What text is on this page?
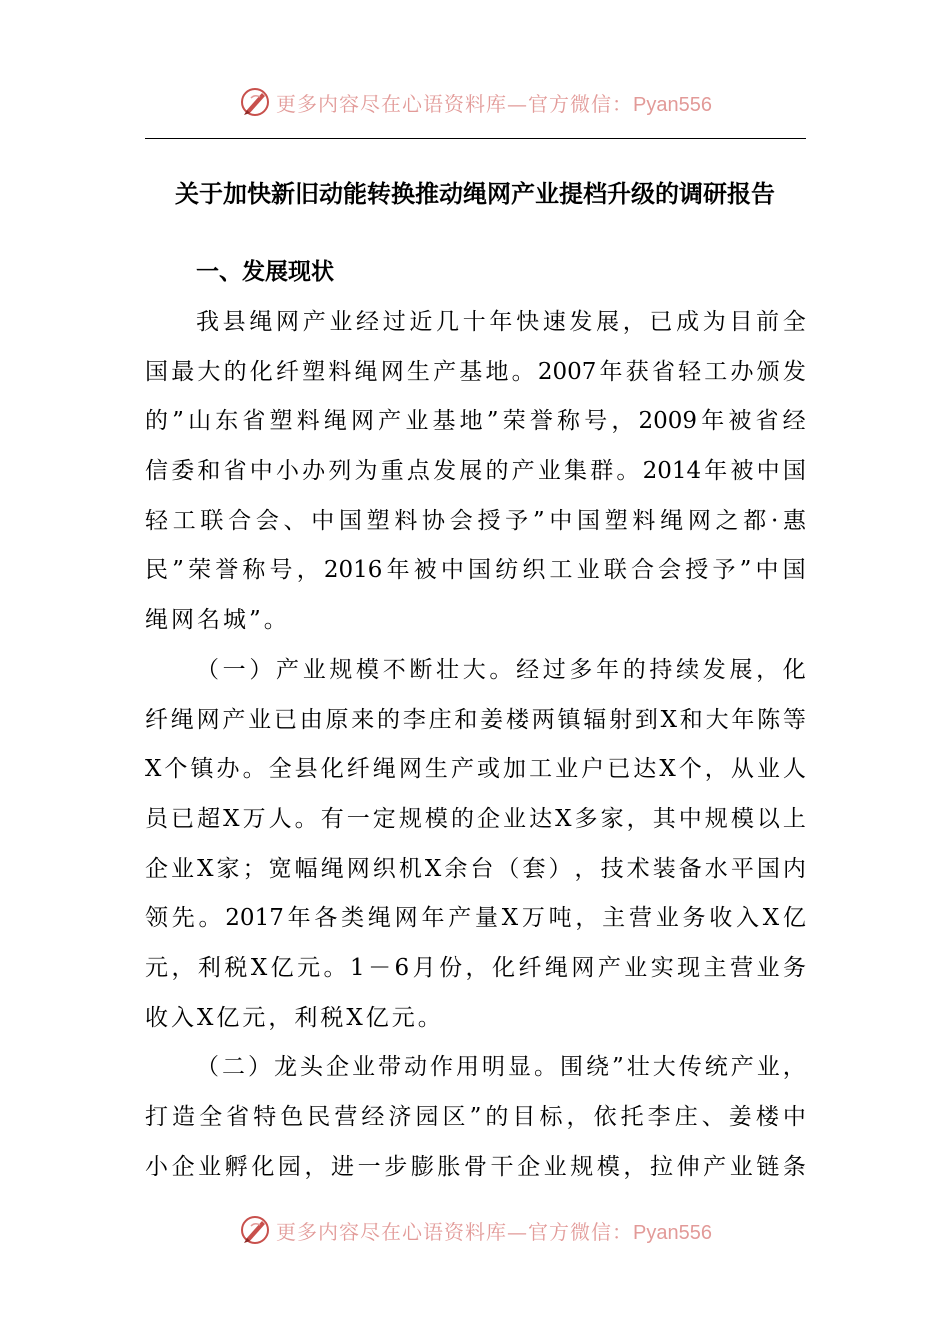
更多内容尽在心语资料库—官方微信：Pyan556
关于加快新旧动能转换推动绳网产业提档升级的调研报告
一、发展现状
我 县 绳 网 产 业 经 过 近 几 十 年 快 速 发 展 ， 已 成 为 目 前 全
国 最 大 的 化 纤 塑 料 绳 网 生 产 基 地 。 2007 年 获 省 轻 工 办 颁 发
的 ” 山 东 省 塑 料 绳 网 产 业 基 地 ” 荣 誉 称 号 ， 2009 年 被 省 经
信 委 和 省 中 小 办 列 为 重 点 发 展 的 产 业 集 群 。 2014 年 被 中 国
轻 工 联 合 会 、 中 国 塑 料 协 会 授 予 ” 中 国 塑 料 绳 网 之 都 · 惠
民 ” 荣 誉 称 号 ， 2016 年 被 中 国 纺 织 工 业 联 合 会 授 予 ” 中 国
绳网名城”。
（ 一 ） 产 业 规 模 不 断 壮 大 。 经 过 多 年 的 持 续 发 展 ， 化
纤 绳 网 产 业 已 由 原 来 的 李 庄 和 姜 楼 两 镇 辐 射 到 X 和 大 年 陈 等
X 个 镇 办 。 全 县 化 纤 绳 网 生 产 或 加 工 业 户 已 达 X 个 ， 从 业 人
员 已 超 X 万 人 。 有 一 定 规 模 的 企 业 达 X 多 家 ， 其 中 规 模 以 上
企 业 X 家 ； 宽 幅 绳 网 织 机 X 余 台 （ 套 ） ， 技 术 装 备 水 平 国 内
领 先 。 2017 年 各 类 绳 网 年 产 量 X 万 吨 ， 主 营 业 务 收 入 X 亿
元 ， 利 税 X 亿 元 。 1 － 6 月 份 ， 化 纤 绳 网 产 业 实 现 主 营 业 务
收入X亿元，利税X亿元。
（ 二 ） 龙 头 企 业 带 动 作 用 明 显 。 围 绕 ” 壮 大 传 统 产 业 ，
打 造 全 省 特 色 民 营 经 济 园 区 ” 的 目 标 ， 依 托 李 庄 、 姜 楼 中
小 企 业 孵 化 园 ， 进 一 步 膨 胀 骨 干 企 业 规 模 ， 拉 伸 产 业 链 条
更多内容尽在心语资料库—官方微信：Pyan556
